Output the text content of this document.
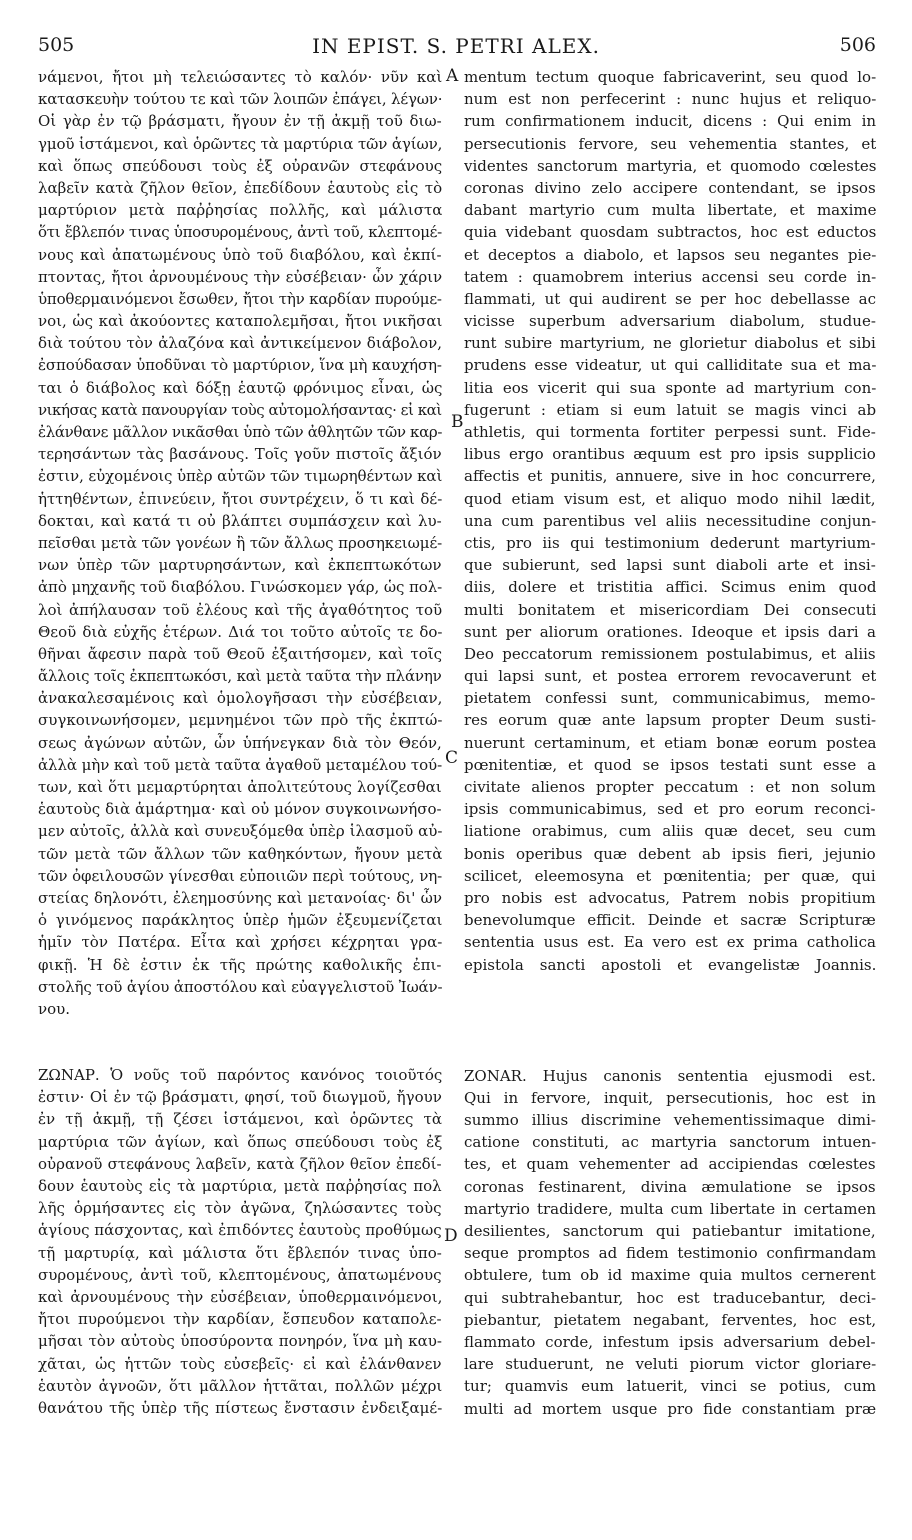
505	IN EPIST. S. PETRI ALEX.	506
A
B
C
D
νάμενοι, ἤτοι μὴ τελειώσαντες τὸ καλόν· νῦν καὶ
κατασκευὴν τούτου τε καὶ τῶν λοιπῶν ἐπάγει, λέγων·
Οἱ γὰρ ἐν τῷ βράσματι, ἤγουν ἐν τῇ ἀκμῇ τοῦ διω-
γμοῦ ἱστάμενοι, καὶ ὁρῶντες τὰ μαρτύρια τῶν ἁγίων,
καὶ ὅπως σπεύδουσι τοὺς ἐξ οὐρανῶν στεφάνους
λαβεῖν κατὰ ζῆλον θεῖον, ἐπεδίδουν ἑαυτοὺς εἰς τὸ
μαρτύριον μετὰ παῤῥησίας πολλῆς, καὶ μάλιστα
ὅτι ἔβλεπόν τινας ὑποσυρομένους, ἀντὶ τοῦ, κλεπτομέ-
νους καὶ ἀπατωμένους ὑπὸ τοῦ διαβόλου, καὶ ἐκπί-
πτοντας, ἤτοι ἀρνουμένους τὴν εὐσέβειαν· ὧν χάριν
ὑποθερμαινόμενοι ἔσωθεν, ἤτοι τὴν καρδίαν πυρούμε-
νοι, ὡς καὶ ἀκούοντες καταπολεμῆσαι, ἤτοι νικῆσαι
διὰ τούτου τὸν ἀλαζόνα καὶ ἀντικείμενον διάβολον,
ἐσπούδασαν ὑποδῦναι τὸ μαρτύριον, ἵνα μὴ καυχήση-
ται ὁ διάβολος καὶ δόξῃ ἑαυτῷ φρόνιμος εἶναι, ὡς
νικήσας κατὰ πανουργίαν τοὺς αὐτομολήσαντας· εἰ καὶ
ἐλάνθανε μᾶλλον νικᾶσθαι ὑπὸ τῶν ἀθλητῶν τῶν καρ-
τερησάντων τὰς βασάνους. Τοῖς γοῦν πιστοῖς ἄξιόν
ἐστιν, εὐχομένοις ὑπὲρ αὐτῶν τῶν τιμωρηθέντων καὶ
ἡττηθέντων, ἐπινεύειν, ἤτοι συντρέχειν, ὅ τι καὶ δέ-
δοκται, καὶ κατά τι οὐ βλάπτει συμπάσχειν καὶ λυ-
πεῖσθαι μετὰ τῶν γονέων ἢ τῶν ἄλλως προσηκειωμέ-
νων ὑπὲρ τῶν μαρτυρησάντων, καὶ ἐκπεπτωκότων
ἀπὸ μηχανῆς τοῦ διαβόλου. Γινώσκομεν γάρ, ὡς πολ-
λοὶ ἀπήλαυσαν τοῦ ἐλέους καὶ τῆς ἀγαθότητος τοῦ
Θεοῦ διὰ εὐχῆς ἑτέρων. Διά τοι τοῦτο αὐτοῖς τε δο-
θῆναι ἄφεσιν παρὰ τοῦ Θεοῦ ἐξαιτήσομεν, καὶ τοῖς
ἄλλοις τοῖς ἐκπεπτωκόσι, καὶ μετὰ ταῦτα τὴν πλάνην
ἀνακαλεσαμένοις καὶ ὁμολογῆσασι τὴν εὐσέβειαν,
συγκοινωνήσομεν, μεμνημένοι τῶν πρὸ τῆς ἐκπτώ-
σεως ἀγώνων αὐτῶν, ὧν ὑπήνεγκαν διὰ τὸν Θεόν,
ἀλλὰ μὴν καὶ τοῦ μετὰ ταῦτα ἀγαθοῦ μεταμέλου τού-
των, καὶ ὅτι μεμαρτύρηται ἀπολιτεύτους λογίζεσθαι
ἑαυτοὺς διὰ ἁμάρτημα· καὶ οὐ μόνον συγκοινωνήσο-
μεν αὐτοῖς, ἀλλὰ καὶ συνευξόμεθα ὑπὲρ ἱλασμοῦ αὐ-
τῶν μετὰ τῶν ἄλλων τῶν καθηκόντων, ἤγουν μετὰ
τῶν ὀφειλουσῶν γίνεσθαι εὐποιιῶν περὶ τούτους, νη-
στείας δηλονότι, ἐλεημοσύνης καὶ μετανοίας· δι' ὧν
ὁ γινόμενος παράκλητος ὑπὲρ ἡμῶν ἐξευμενίζεται
ἡμῖν τὸν Πατέρα. Εἶτα καὶ χρήσει κέχρηται γρα-
φικῇ. Ἡ δὲ ἐστιν ἐκ τῆς πρώτης καθολικῆς ἐπι-
στολῆς τοῦ ἁγίου ἀποστόλου καὶ εὐαγγελιστοῦ Ἰωάν-
νου.
ΖΩΝΑΡ. Ὁ νοῦς τοῦ παρόντος κανόνος τοιοῦτός
ἐστιν· Οἱ ἐν τῷ βράσματι, φησί, τοῦ διωγμοῦ, ἤγουν
ἐν τῇ ἀκμῇ, τῇ ζέσει ἱστάμενοι, καὶ ὁρῶντες τὰ
μαρτύρια τῶν ἁγίων, καὶ ὅπως σπεύδουσι τοὺς ἐξ
οὐρανοῦ στεφάνους λαβεῖν, κατὰ ζῆλον θεῖον ἐπεδί-
δουν ἑαυτοὺς εἰς τὰ μαρτύρια, μετὰ παῤῥησίας πολ
λῆς ὁρμήσαντες εἰς τὸν ἀγῶνα, ζηλώσαντες τοὺς
ἁγίους πάσχοντας, καὶ ἐπιδόντες ἑαυτοὺς προθύμως
τῇ μαρτυρίᾳ, καὶ μάλιστα ὅτι ἔβλεπόν τινας ὑπο-
συρομένους, ἀντὶ τοῦ, κλεπτομένους, ἀπατωμένους
καὶ ἀρνουμένους τὴν εὐσέβειαν, ὑποθερμαινόμενοι,
ἤτοι πυρούμενοι τὴν καρδίαν, ἔσπευδον καταπολε-
μῆσαι τὸν αὐτοὺς ὑποσύροντα πονηρόν, ἵνα μὴ καυ-
χᾶται, ὡς ἡττῶν τοὺς εὐσεβεῖς· εἰ καὶ ἐλάνθανεν
ἑαυτὸν ἀγνοῶν, ὅτι μᾶλλον ἡττᾶται, πολλῶν μέχρι
θανάτου τῆς ὑπὲρ τῆς πίστεως ἔνστασιν ἐνδειξαμέ-
mentum tectum quoque fabricaverint, seu quod lo-
num est non perfecerint : nunc hujus et reliquo-
rum confirmationem inducit, dicens : Qui enim in
persecutionis fervore, seu vehementia stantes, et
videntes sanctorum martyria, et quomodo cœlestes
coronas divino zelo accipere contendant, se ipsos
dabant martyrio cum multa libertate, et maxime
quia videbant quosdam subtractos, hoc est eductos
et deceptos a diabolo, et lapsos seu negantes pie-
tatem : quamobrem interius accensi seu corde in-
flammati, ut qui audirent se per hoc debellasse ac
vicisse superbum adversarium diabolum, studue-
runt subire martyrium, ne glorietur diabolus et sibi
prudens esse videatur, ut qui calliditate sua et ma-
litia eos vicerit qui sua sponte ad martyrium con-
fugerunt : etiam si eum latuit se magis vinci ab
athletis, qui tormenta fortiter perpessi sunt. Fide-
libus ergo orantibus æquum est pro ipsis supplicio
affectis et punitis, annuere, sive in hoc concurrere,
quod etiam visum est, et aliquo modo nihil lædit,
una cum parentibus vel aliis necessitudine conjun-
ctis, pro iis qui testimonium dederunt martyrium-
que subierunt, sed lapsi sunt diaboli arte et insi-
diis, dolere et tristitia affici. Scimus enim quod
multi bonitatem et misericordiam Dei consecuti
sunt per aliorum orationes. Ideoque et ipsis dari a
Deo peccatorum remissionem postulabimus, et aliis
qui lapsi sunt, et postea errorem revocaverunt et
pietatem confessi sunt, communicabimus, memo-
res eorum quæ ante lapsum propter Deum susti-
nuerunt certaminum, et etiam bonæ eorum postea
pœnitentiæ, et quod se ipsos testati sunt esse a
civitate alienos propter peccatum : et non solum
ipsis communicabimus, sed et pro eorum reconci-
liatione orabimus, cum aliis quæ decet, seu cum
bonis operibus quæ debent ab ipsis fieri, jejunio
scilicet, eleemosyna et pœnitentia; per quæ, qui
pro nobis est advocatus, Patrem nobis propitium
benevolumque efficit. Deinde et sacræ Scripturæ
sententia usus est. Ea vero est ex prima catholica
epistola sancti apostoli et evangelistæ Joannis.
ZONAR. Hujus canonis sententia ejusmodi est.
Qui in fervore, inquit, persecutionis, hoc est in
summo illius discrimine vehementissimaque dimi-
catione constituti, ac martyria sanctorum intuen-
tes, et quam vehementer ad accipiendas cœlestes
coronas festinarent, divina æmulatione se ipsos
martyrio tradidere, multa cum libertate in certamen
desilientes, sanctorum qui patiebantur imitatione,
seque promptos ad fidem testimonio confirmandam
obtulere, tum ob id maxime quia multos cernerent
qui subtrahebantur, hoc est traducebantur, deci-
piebantur, pietatem negabant, ferventes, hoc est,
flammato corde, infestum ipsis adversarium debel-
lare studuerunt, ne veluti piorum victor gloriare-
tur; quamvis eum latuerit, vinci se potius, cum
multi ad mortem usque pro fide constantiam præ
